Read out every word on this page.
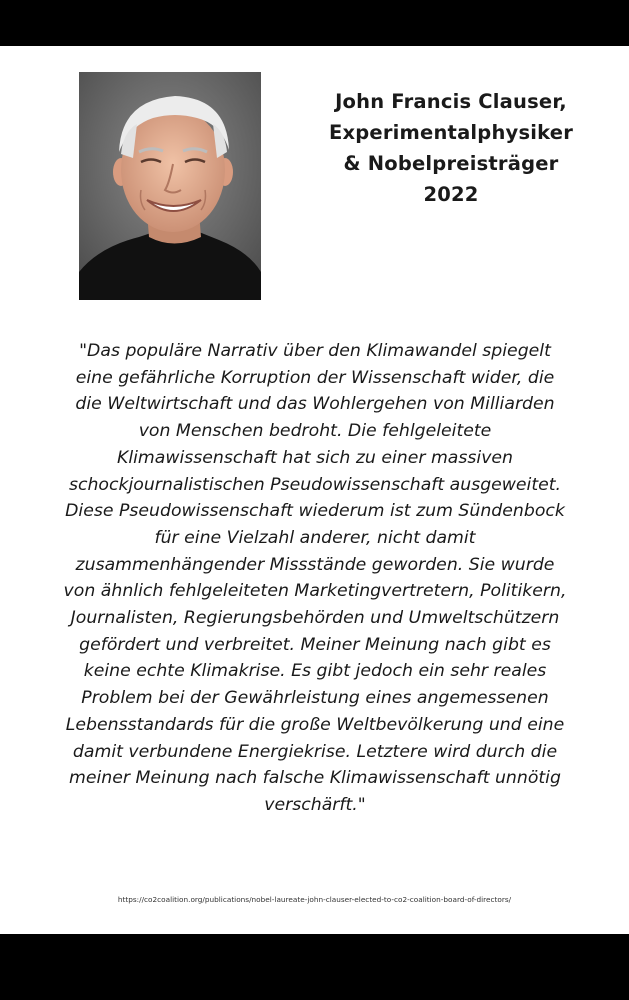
John Francis Clauser,
Experimentalphysiker
& Nobelpreisträger
2022
"Das populäre Narrativ über den Klimawandel spiegelt
eine gefährliche Korruption der Wissenschaft wider, die
die Weltwirtschaft und das Wohlergehen von Milliarden
von Menschen bedroht. Die fehlgeleitete
Klimawissenschaft hat sich zu einer massiven
schockjournalistischen Pseudowissenschaft ausgeweitet.
Diese Pseudowissenschaft wiederum ist zum Sündenbock
für eine Vielzahl anderer, nicht damit
zusammenhängender Missstände geworden. Sie wurde
von ähnlich fehlgeleiteten Marketingvertretern, Politikern,
Journalisten, Regierungsbehörden und Umweltschützern
gefördert und verbreitet. Meiner Meinung nach gibt es
keine echte Klimakrise. Es gibt jedoch ein sehr reales
Problem bei der Gewährleistung eines angemessenen
Lebensstandards für die große Weltbevölkerung und eine
damit verbundene Energiekrise. Letztere wird durch die
meiner Meinung nach falsche Klimawissenschaft unnötig
verschärft."
https://co2coalition.org/publications/nobel-laureate-john-clauser-elected-to-co2-coalition-board-of-directors/
